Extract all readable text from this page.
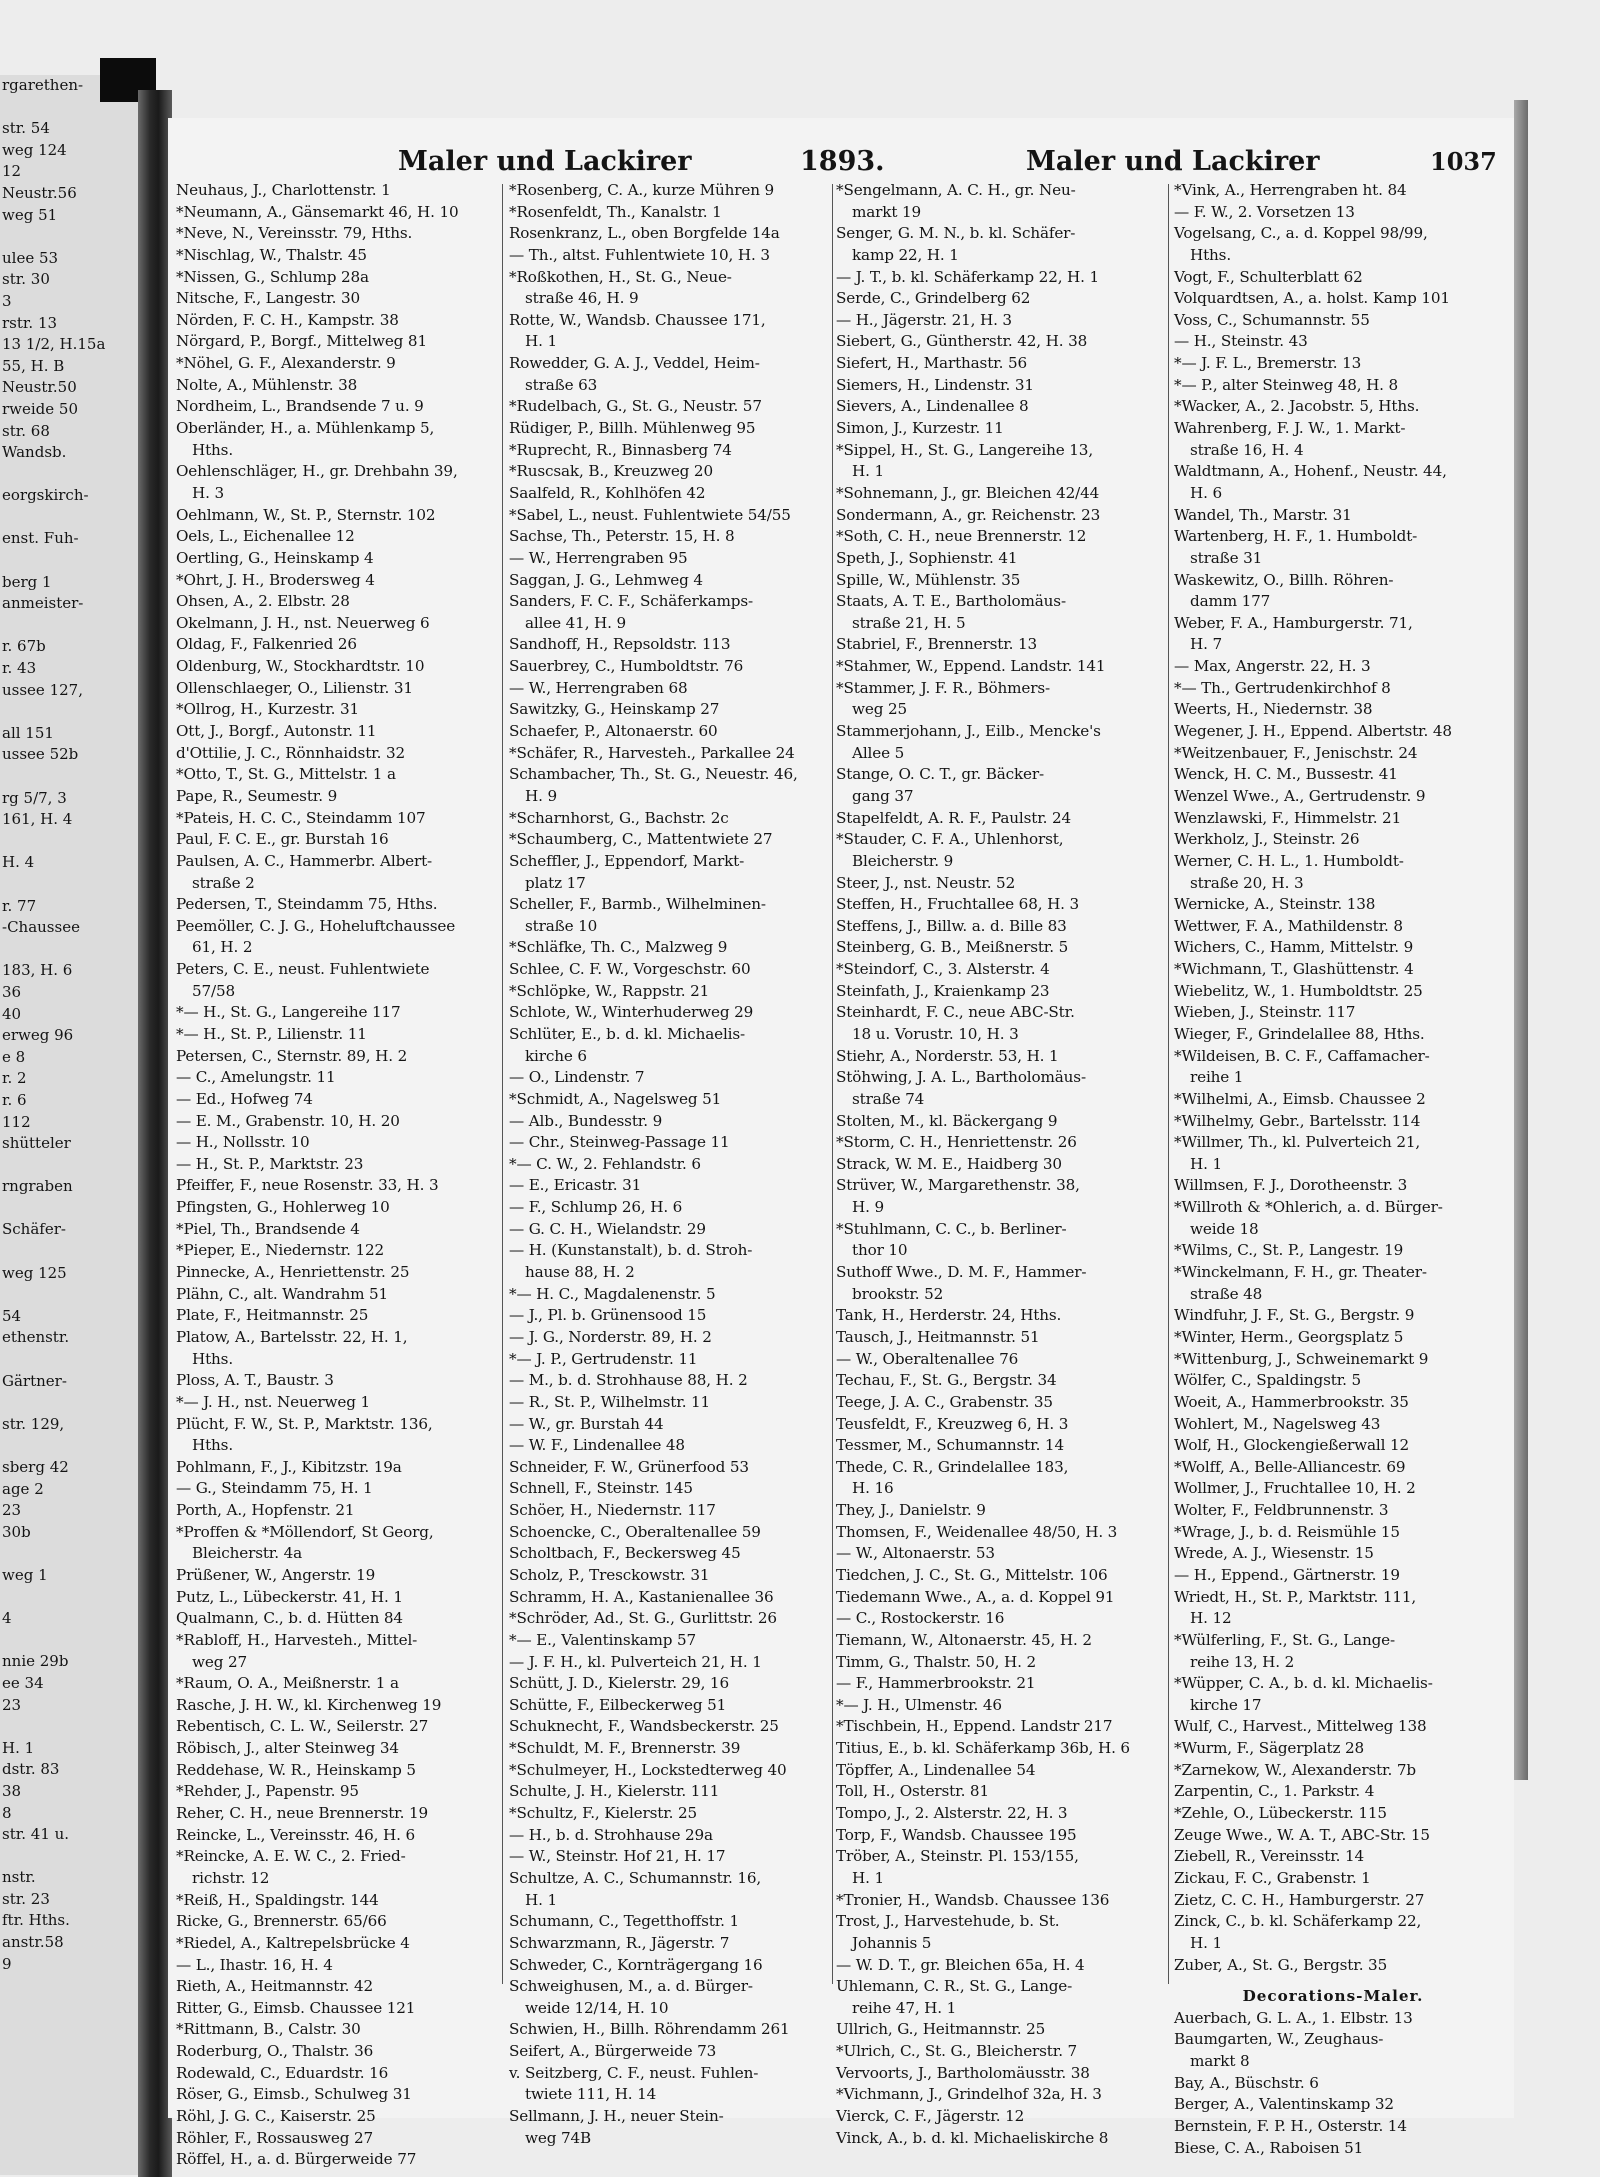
rgarethen-
str. 54
weg 124
12
Neustr.56
weg 51
ulee 53
str. 30
3
rstr. 13
13 1/2, H.15a
55, H. B
Neustr.50
rweide 50
str. 68
Wandsb.
eorgskirch-
enst. Fuh-
berg 1
anmeister-
r. 67b
r. 43
ussee 127,
all 151
ussee 52b
rg 5/7, 3
161, H. 4
H. 4
r. 77
-Chaussee
183, H. 6
36
40
erweg 96
e 8
r. 2
r. 6
112
shütteler
rngraben
Schäfer-
weg 125
54
ethenstr.
Gärtner-
str. 129,
sberg 42
age 2
23
30b
weg 1
4
nnie 29b
ee 34
23
H. 1
dstr. 83
38
8
str. 41 u.
nstr.
str. 23
ftr. Hths.
anstr.58
9
Maler und Lackirer	1893.	Maler und Lackirer	1037
Neuhaus, J., Charlottenstr. 1
*Neumann, A., Gänsemarkt 46, H. 10
*Neve, N., Vereinsstr. 79, Hths.
*Nischlag, W., Thalstr. 45
*Nissen, G., Schlump 28a
Nitsche, F., Langestr. 30
Nörden, F. C. H., Kampstr. 38
Nörgard, P., Borgf., Mittelweg 81
*Nöhel, G. F., Alexanderstr. 9
Nolte, A., Mühlenstr. 38
Nordheim, L., Brandsende 7 u. 9
Oberländer, H., a. Mühlenkamp 5,
Hths.
Oehlenschläger, H., gr. Drehbahn 39,
H. 3
Oehlmann, W., St. P., Sternstr. 102
Oels, L., Eichenallee 12
Oertling, G., Heinskamp 4
*Ohrt, J. H., Brodersweg 4
Ohsen, A., 2. Elbstr. 28
Okelmann, J. H., nst. Neuerweg 6
Oldag, F., Falkenried 26
Oldenburg, W., Stockhardtstr. 10
Ollenschlaeger, O., Lilienstr. 31
*Ollrog, H., Kurzestr. 31
Ott, J., Borgf., Autonstr. 11
d'Ottilie, J. C., Rönnhaidstr. 32
*Otto, T., St. G., Mittelstr. 1 a
Pape, R., Seumestr. 9
*Pateis, H. C. C., Steindamm 107
Paul, F. C. E., gr. Burstah 16
Paulsen, A. C., Hammerbr. Albert-
straße 2
Pedersen, T., Steindamm 75, Hths.
Peemöller, C. J. G., Hoheluftchaussee
61, H. 2
Peters, C. E., neust. Fuhlentwiete
57/58
*— H., St. G., Langereihe 117
*— H., St. P., Lilienstr. 11
Petersen, C., Sternstr. 89, H. 2
— C., Amelungstr. 11
— Ed., Hofweg 74
— E. M., Grabenstr. 10, H. 20
— H., Nollsstr. 10
— H., St. P., Marktstr. 23
Pfeiffer, F., neue Rosenstr. 33, H. 3
Pfingsten, G., Hohlerweg 10
*Piel, Th., Brandsende 4
*Pieper, E., Niedernstr. 122
Pinnecke, A., Henriettenstr. 25
Plähn, C., alt. Wandrahm 51
Plate, F., Heitmannstr. 25
Platow, A., Bartelsstr. 22, H. 1,
Hths.
Ploss, A. T., Baustr. 3
*— J. H., nst. Neuerweg 1
Plücht, F. W., St. P., Marktstr. 136,
Hths.
Pohlmann, F., J., Kibitzstr. 19a
— G., Steindamm 75, H. 1
Porth, A., Hopfenstr. 21
*Proffen & *Möllendorf, St Georg,
Bleicherstr. 4a
Prüßener, W., Angerstr. 19
Putz, L., Lübeckerstr. 41, H. 1
Qualmann, C., b. d. Hütten 84
*Rabloff, H., Harvesteh., Mittel-
weg 27
*Raum, O. A., Meißnerstr. 1 a
Rasche, J. H. W., kl. Kirchenweg 19
Rebentisch, C. L. W., Seilerstr. 27
Röbisch, J., alter Steinweg 34
Reddehase, W. R., Heinskamp 5
*Rehder, J., Papenstr. 95
Reher, C. H., neue Brennerstr. 19
Reincke, L., Vereinsstr. 46, H. 6
*Reincke, A. E. W. C., 2. Fried-
richstr. 12
*Reiß, H., Spaldingstr. 144
Ricke, G., Brennerstr. 65/66
*Riedel, A., Kaltrepelsbrücke 4
— L., Ihastr. 16, H. 4
Rieth, A., Heitmannstr. 42
Ritter, G., Eimsb. Chaussee 121
*Rittmann, B., Calstr. 30
Roderburg, O., Thalstr. 36
Rodewald, C., Eduardstr. 16
Röser, G., Eimsb., Schulweg 31
Röhl, J. G. C., Kaiserstr. 25
Röhler, F., Rossausweg 27
Röffel, H., a. d. Bürgerweide 77
*Rosenberg, C. A., kurze Mühren 9
*Rosenfeldt, Th., Kanalstr. 1
Rosenkranz, L., oben Borgfelde 14a
— Th., altst. Fuhlentwiete 10, H. 3
*Roßkothen, H., St. G., Neue-
straße 46, H. 9
Rotte, W., Wandsb. Chaussee 171,
H. 1
Rowedder, G. A. J., Veddel, Heim-
straße 63
*Rudelbach, G., St. G., Neustr. 57
Rüdiger, P., Billh. Mühlenweg 95
*Ruprecht, R., Binnasberg 74
*Ruscsak, B., Kreuzweg 20
Saalfeld, R., Kohlhöfen 42
*Sabel, L., neust. Fuhlentwiete 54/55
Sachse, Th., Peterstr. 15, H. 8
— W., Herrengraben 95
Saggan, J. G., Lehmweg 4
Sanders, F. C. F., Schäferkamps-
allee 41, H. 9
Sandhoff, H., Repsoldstr. 113
Sauerbrey, C., Humboldtstr. 76
— W., Herrengraben 68
Sawitzky, G., Heinskamp 27
Schaefer, P., Altonaerstr. 60
*Schäfer, R., Harvesteh., Parkallee 24
Schambacher, Th., St. G., Neuestr. 46,
H. 9
*Scharnhorst, G., Bachstr. 2c
*Schaumberg, C., Mattentwiete 27
Scheffler, J., Eppendorf, Markt-
platz 17
Scheller, F., Barmb., Wilhelminen-
straße 10
*Schläfke, Th. C., Malzweg 9
Schlee, C. F. W., Vorgeschstr. 60
*Schlöpke, W., Rappstr. 21
Schlote, W., Winterhuderweg 29
Schlüter, E., b. d. kl. Michaelis-
kirche 6
— O., Lindenstr. 7
*Schmidt, A., Nagelsweg 51
— Alb., Bundesstr. 9
— Chr., Steinweg-Passage 11
*— C. W., 2. Fehlandstr. 6
— E., Ericastr. 31
— F., Schlump 26, H. 6
— G. C. H., Wielandstr. 29
— H. (Kunstanstalt), b. d. Stroh-
hause 88, H. 2
*— H. C., Magdalenenstr. 5
— J., Pl. b. Grünensood 15
— J. G., Norderstr. 89, H. 2
*— J. P., Gertrudenstr. 11
— M., b. d. Strohhause 88, H. 2
— R., St. P., Wilhelmstr. 11
— W., gr. Burstah 44
— W. F., Lindenallee 48
Schneider, F. W., Grünerfood 53
Schnell, F., Steinstr. 145
Schöer, H., Niedernstr. 117
Schoencke, C., Oberaltenallee 59
Scholtbach, F., Beckersweg 45
Scholz, P., Tresckowstr. 31
Schramm, H. A., Kastanienallee 36
*Schröder, Ad., St. G., Gurlittstr. 26
*— E., Valentinskamp 57
— J. F. H., kl. Pulverteich 21, H. 1
Schütt, J. D., Kielerstr. 29, 16
Schütte, F., Eilbeckerweg 51
Schuknecht, F., Wandsbeckerstr. 25
*Schuldt, M. F., Brennerstr. 39
*Schulmeyer, H., Lockstedterweg 40
Schulte, J. H., Kielerstr. 111
*Schultz, F., Kielerstr. 25
— H., b. d. Strohhause 29a
— W., Steinstr. Hof 21, H. 17
Schultze, A. C., Schumannstr. 16,
H. 1
Schumann, C., Tegetthoffstr. 1
Schwarzmann, R., Jägerstr. 7
Schweder, C., Kornträgergang 16
Schweighusen, M., a. d. Bürger-
weide 12/14, H. 10
Schwien, H., Billh. Röhrendamm 261
Seifert, A., Bürgerweide 73
v. Seitzberg, C. F., neust. Fuhlen-
twiete 111, H. 14
Sellmann, J. H., neuer Stein-
weg 74B
*Sengelmann, A. C. H., gr. Neu-
markt 19
Senger, G. M. N., b. kl. Schäfer-
kamp 22, H. 1
— J. T., b. kl. Schäferkamp 22, H. 1
Serde, C., Grindelberg 62
— H., Jägerstr. 21, H. 3
Siebert, G., Güntherstr. 42, H. 38
Siefert, H., Marthastr. 56
Siemers, H., Lindenstr. 31
Sievers, A., Lindenallee 8
Simon, J., Kurzestr. 11
*Sippel, H., St. G., Langereihe 13,
H. 1
*Sohnemann, J., gr. Bleichen 42/44
Sondermann, A., gr. Reichenstr. 23
*Soth, C. H., neue Brennerstr. 12
Speth, J., Sophienstr. 41
Spille, W., Mühlenstr. 35
Staats, A. T. E., Bartholomäus-
straße 21, H. 5
Stabriel, F., Brennerstr. 13
*Stahmer, W., Eppend. Landstr. 141
*Stammer, J. F. R., Böhmers-
weg 25
Stammerjohann, J., Eilb., Mencke's
Allee 5
Stange, O. C. T., gr. Bäcker-
gang 37
Stapelfeldt, A. R. F., Paulstr. 24
*Stauder, C. F. A., Uhlenhorst,
Bleicherstr. 9
Steer, J., nst. Neustr. 52
Steffen, H., Fruchtallee 68, H. 3
Steffens, J., Billw. a. d. Bille 83
Steinberg, G. B., Meißnerstr. 5
*Steindorf, C., 3. Alsterstr. 4
Steinfath, J., Kraienkamp 23
Steinhardt, F. C., neue ABC-Str.
18 u. Vorustr. 10, H. 3
Stiehr, A., Norderstr. 53, H. 1
Stöhwing, J. A. L., Bartholomäus-
straße 74
Stolten, M., kl. Bäckergang 9
*Storm, C. H., Henriettenstr. 26
Strack, W. M. E., Haidberg 30
Strüver, W., Margarethenstr. 38,
H. 9
*Stuhlmann, C. C., b. Berliner-
thor 10
Suthoff Wwe., D. M. F., Hammer-
brookstr. 52
Tank, H., Herderstr. 24, Hths.
Tausch, J., Heitmannstr. 51
— W., Oberaltenallee 76
Techau, F., St. G., Bergstr. 34
Teege, J. A. C., Grabenstr. 35
Teusfeldt, F., Kreuzweg 6, H. 3
Tessmer, M., Schumannstr. 14
Thede, C. R., Grindelallee 183,
H. 16
They, J., Danielstr. 9
Thomsen, F., Weidenallee 48/50, H. 3
— W., Altonaerstr. 53
Tiedchen, J. C., St. G., Mittelstr. 106
Tiedemann Wwe., A., a. d. Koppel 91
— C., Rostockerstr. 16
Tiemann, W., Altonaerstr. 45, H. 2
Timm, G., Thalstr. 50, H. 2
— F., Hammerbrookstr. 21
*— J. H., Ulmenstr. 46
*Tischbein, H., Eppend. Landstr 217
Titius, E., b. kl. Schäferkamp 36b, H. 6
Töpffer, A., Lindenallee 54
Toll, H., Osterstr. 81
Tompo, J., 2. Alsterstr. 22, H. 3
Torp, F., Wandsb. Chaussee 195
Tröber, A., Steinstr. Pl. 153/155,
H. 1
*Tronier, H., Wandsb. Chaussee 136
Trost, J., Harvestehude, b. St.
Johannis 5
— W. D. T., gr. Bleichen 65a, H. 4
Uhlemann, C. R., St. G., Lange-
reihe 47, H. 1
Ullrich, G., Heitmannstr. 25
*Ulrich, C., St. G., Bleicherstr. 7
Vervoorts, J., Bartholomäusstr. 38
*Vichmann, J., Grindelhof 32a, H. 3
Vierck, C. F., Jägerstr. 12
Vinck, A., b. d. kl. Michaeliskirche 8
*Vink, A., Herrengraben ht. 84
— F. W., 2. Vorsetzen 13
Vogelsang, C., a. d. Koppel 98/99,
Hths.
Vogt, F., Schulterblatt 62
Volquardtsen, A., a. holst. Kamp 101
Voss, C., Schumannstr. 55
— H., Steinstr. 43
*— J. F. L., Bremerstr. 13
*— P., alter Steinweg 48, H. 8
*Wacker, A., 2. Jacobstr. 5, Hths.
Wahrenberg, F. J. W., 1. Markt-
straße 16, H. 4
Waldtmann, A., Hohenf., Neustr. 44,
H. 6
Wandel, Th., Marstr. 31
Wartenberg, H. F., 1. Humboldt-
straße 31
Waskewitz, O., Billh. Röhren-
damm 177
Weber, F. A., Hamburgerstr. 71,
H. 7
— Max, Angerstr. 22, H. 3
*— Th., Gertrudenkirchhof 8
Weerts, H., Niedernstr. 38
Wegener, J. H., Eppend. Albertstr. 48
*Weitzenbauer, F., Jenischstr. 24
Wenck, H. C. M., Bussestr. 41
Wenzel Wwe., A., Gertrudenstr. 9
Wenzlawski, F., Himmelstr. 21
Werkholz, J., Steinstr. 26
Werner, C. H. L., 1. Humboldt-
straße 20, H. 3
Wernicke, A., Steinstr. 138
Wettwer, F. A., Mathildenstr. 8
Wichers, C., Hamm, Mittelstr. 9
*Wichmann, T., Glashüttenstr. 4
Wiebelitz, W., 1. Humboldtstr. 25
Wieben, J., Steinstr. 117
Wieger, F., Grindelallee 88, Hths.
*Wildeisen, B. C. F., Caffamacher-
reihe 1
*Wilhelmi, A., Eimsb. Chaussee 2
*Wilhelmy, Gebr., Bartelsstr. 114
*Willmer, Th., kl. Pulverteich 21,
H. 1
Willmsen, F. J., Dorotheenstr. 3
*Willroth & *Ohlerich, a. d. Bürger-
weide 18
*Wilms, C., St. P., Langestr. 19
*Winckelmann, F. H., gr. Theater-
straße 48
Windfuhr, J. F., St. G., Bergstr. 9
*Winter, Herm., Georgsplatz 5
*Wittenburg, J., Schweinemarkt 9
Wölfer, C., Spaldingstr. 5
Woeit, A., Hammerbrookstr. 35
Wohlert, M., Nagelsweg 43
Wolf, H., Glockengießerwall 12
*Wolff, A., Belle-Alliancestr. 69
Wollmer, J., Fruchtallee 10, H. 2
Wolter, F., Feldbrunnenstr. 3
*Wrage, J., b. d. Reismühle 15
Wrede, A. J., Wiesenstr. 15
— H., Eppend., Gärtnerstr. 19
Wriedt, H., St. P., Marktstr. 111,
H. 12
*Wülferling, F., St. G., Lange-
reihe 13, H. 2
*Wüpper, C. A., b. d. kl. Michaelis-
kirche 17
Wulf, C., Harvest., Mittelweg 138
*Wurm, F., Sägerplatz 28
*Zarnekow, W., Alexanderstr. 7b
Zarpentin, C., 1. Parkstr. 4
*Zehle, O., Lübeckerstr. 115
Zeuge Wwe., W. A. T., ABC-Str. 15
Ziebell, R., Vereinsstr. 14
Zickau, F. C., Grabenstr. 1
Zietz, C. C. H., Hamburgerstr. 27
Zinck, C., b. kl. Schäferkamp 22,
H. 1
Zuber, A., St. G., Bergstr. 35
Decorations-Maler.
Auerbach, G. L. A., 1. Elbstr. 13
Baumgarten, W., Zeughaus-
markt 8
Bay, A., Büschstr. 6
Berger, A., Valentinskamp 32
Bernstein, F. P. H., Osterstr. 14
Biese, C. A., Raboisen 51
